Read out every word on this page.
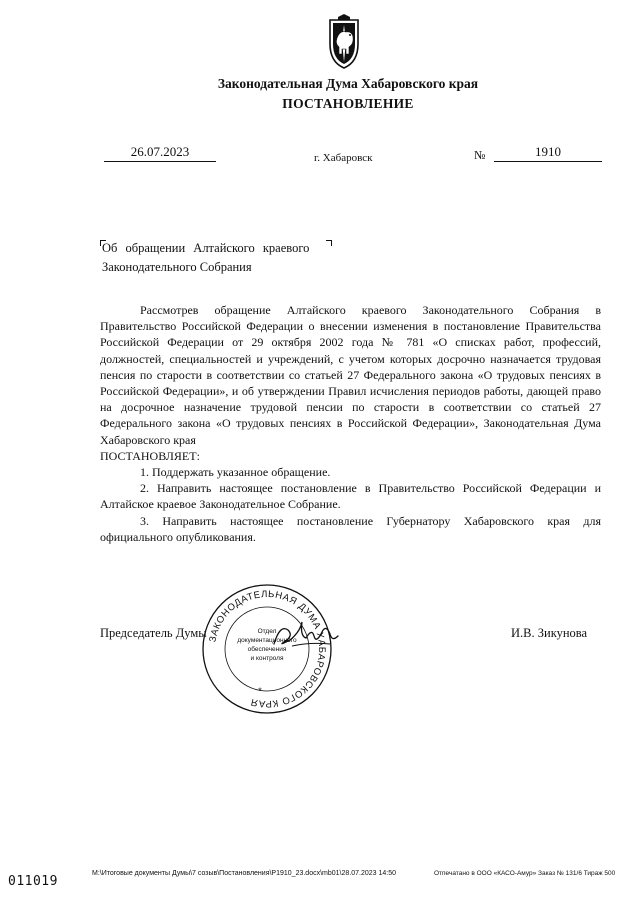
Законодательная Дума Хабаровского края
ПОСТАНОВЛЕНИЕ
26.07.2023	г. Хабаровск	№	1910
Об обращении Алтайского краевого
Законодательного Собрания

Рассмотрев обращение Алтайского краевого Законодательного Собрания в Правительство Российской Федерации о внесении изменения в постановление Правительства Российской Федерации от 29 октября 2002 года № 781 «О списках работ, профессий, должностей, специальностей и учреждений, с учетом которых досрочно назначается трудовая пенсия по старости в соответствии со статьей 27 Федерального закона «О трудовых пенсиях в Российской Федерации», и об утверждении Правил исчисления периодов работы, дающей право на досрочное назначение трудовой пенсии по старости в соответствии со статьей 27 Федерального закона «О трудовых пенсиях в Российской Федерации», Законодательная Дума Хабаровского края

ПОСТАНОВЛЯЕТ:

1. Поддержать указанное обращение.

2. Направить настоящее постановление в Правительство Российской Федерации и Алтайское краевое Законодательное Собрание.

3. Направить настоящее постановление Губернатору Хабаровского края для официального опубликования.

Председатель Думы	И.В. Зикунова
ЗАКОНОДАТЕЛЬНАЯ ДУМА ХАБАРОВСКОГО КРАЯ
Отдел
документационного
обеспечения
и контроля
*
011019
M:\Итоговые документы Думы\7 созыв\Постановления\P1910_23.docx\mb01\28.07.2023 14:50	Отпечатано в ООО «КАСО-Амур» Заказ № 131/6 Тираж 500
